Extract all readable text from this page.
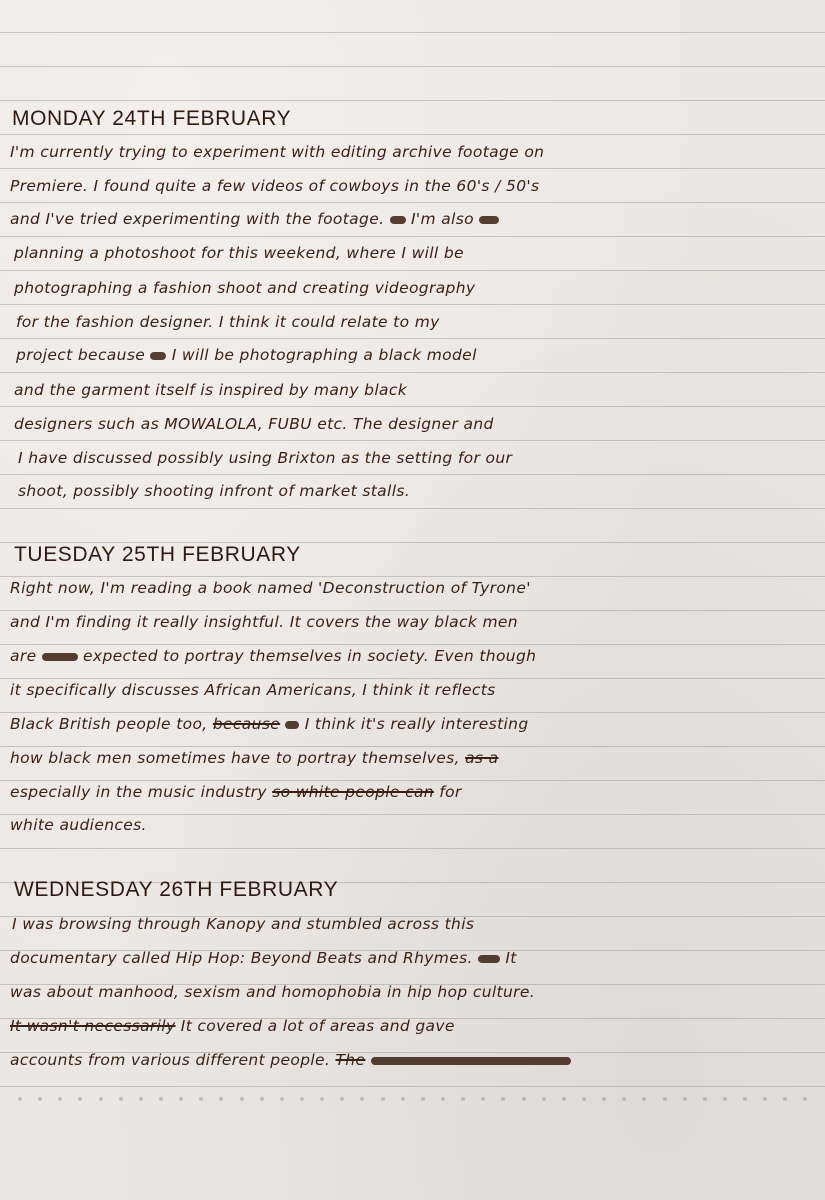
MONDAY 24TH FEBRUARY
I'm currently trying to experiment with editing archive footage on
Premiere. I found quite a few videos of cowboys in the 60's / 50's
and I've tried experimenting with the footage. I'm also
planning a photoshoot for this weekend, where I will be
photographing a fashion shoot and creating videography
for the fashion designer. I think it could relate to my
project because I will be photographing a black model
and the garment itself is inspired by many black
designers such as MOWALOLA, FUBU etc. The designer and
I have discussed possibly using Brixton as the setting for our
shoot, possibly shooting infront of market stalls.
TUESDAY 25TH FEBRUARY
Right now, I'm reading a book named 'Deconstruction of Tyrone'
and I'm finding it really insightful. It covers the way black men
are	expected to portray themselves in society. Even though
it specifically discusses African Americans, I think it reflects
Black British people too, because I think it's really interesting
how black men sometimes have to portray themselves, as a
especially in the music industry so white people can for
white audiences.
WEDNESDAY 26TH FEBRUARY
I was browsing through Kanopy and stumbled across this
documentary called Hip Hop: Beyond Beats and Rhymes. It
was about manhood, sexism and homophobia in hip hop culture.
It wasn't necessarily It covered a lot of areas and gave
accounts from various different people. The
